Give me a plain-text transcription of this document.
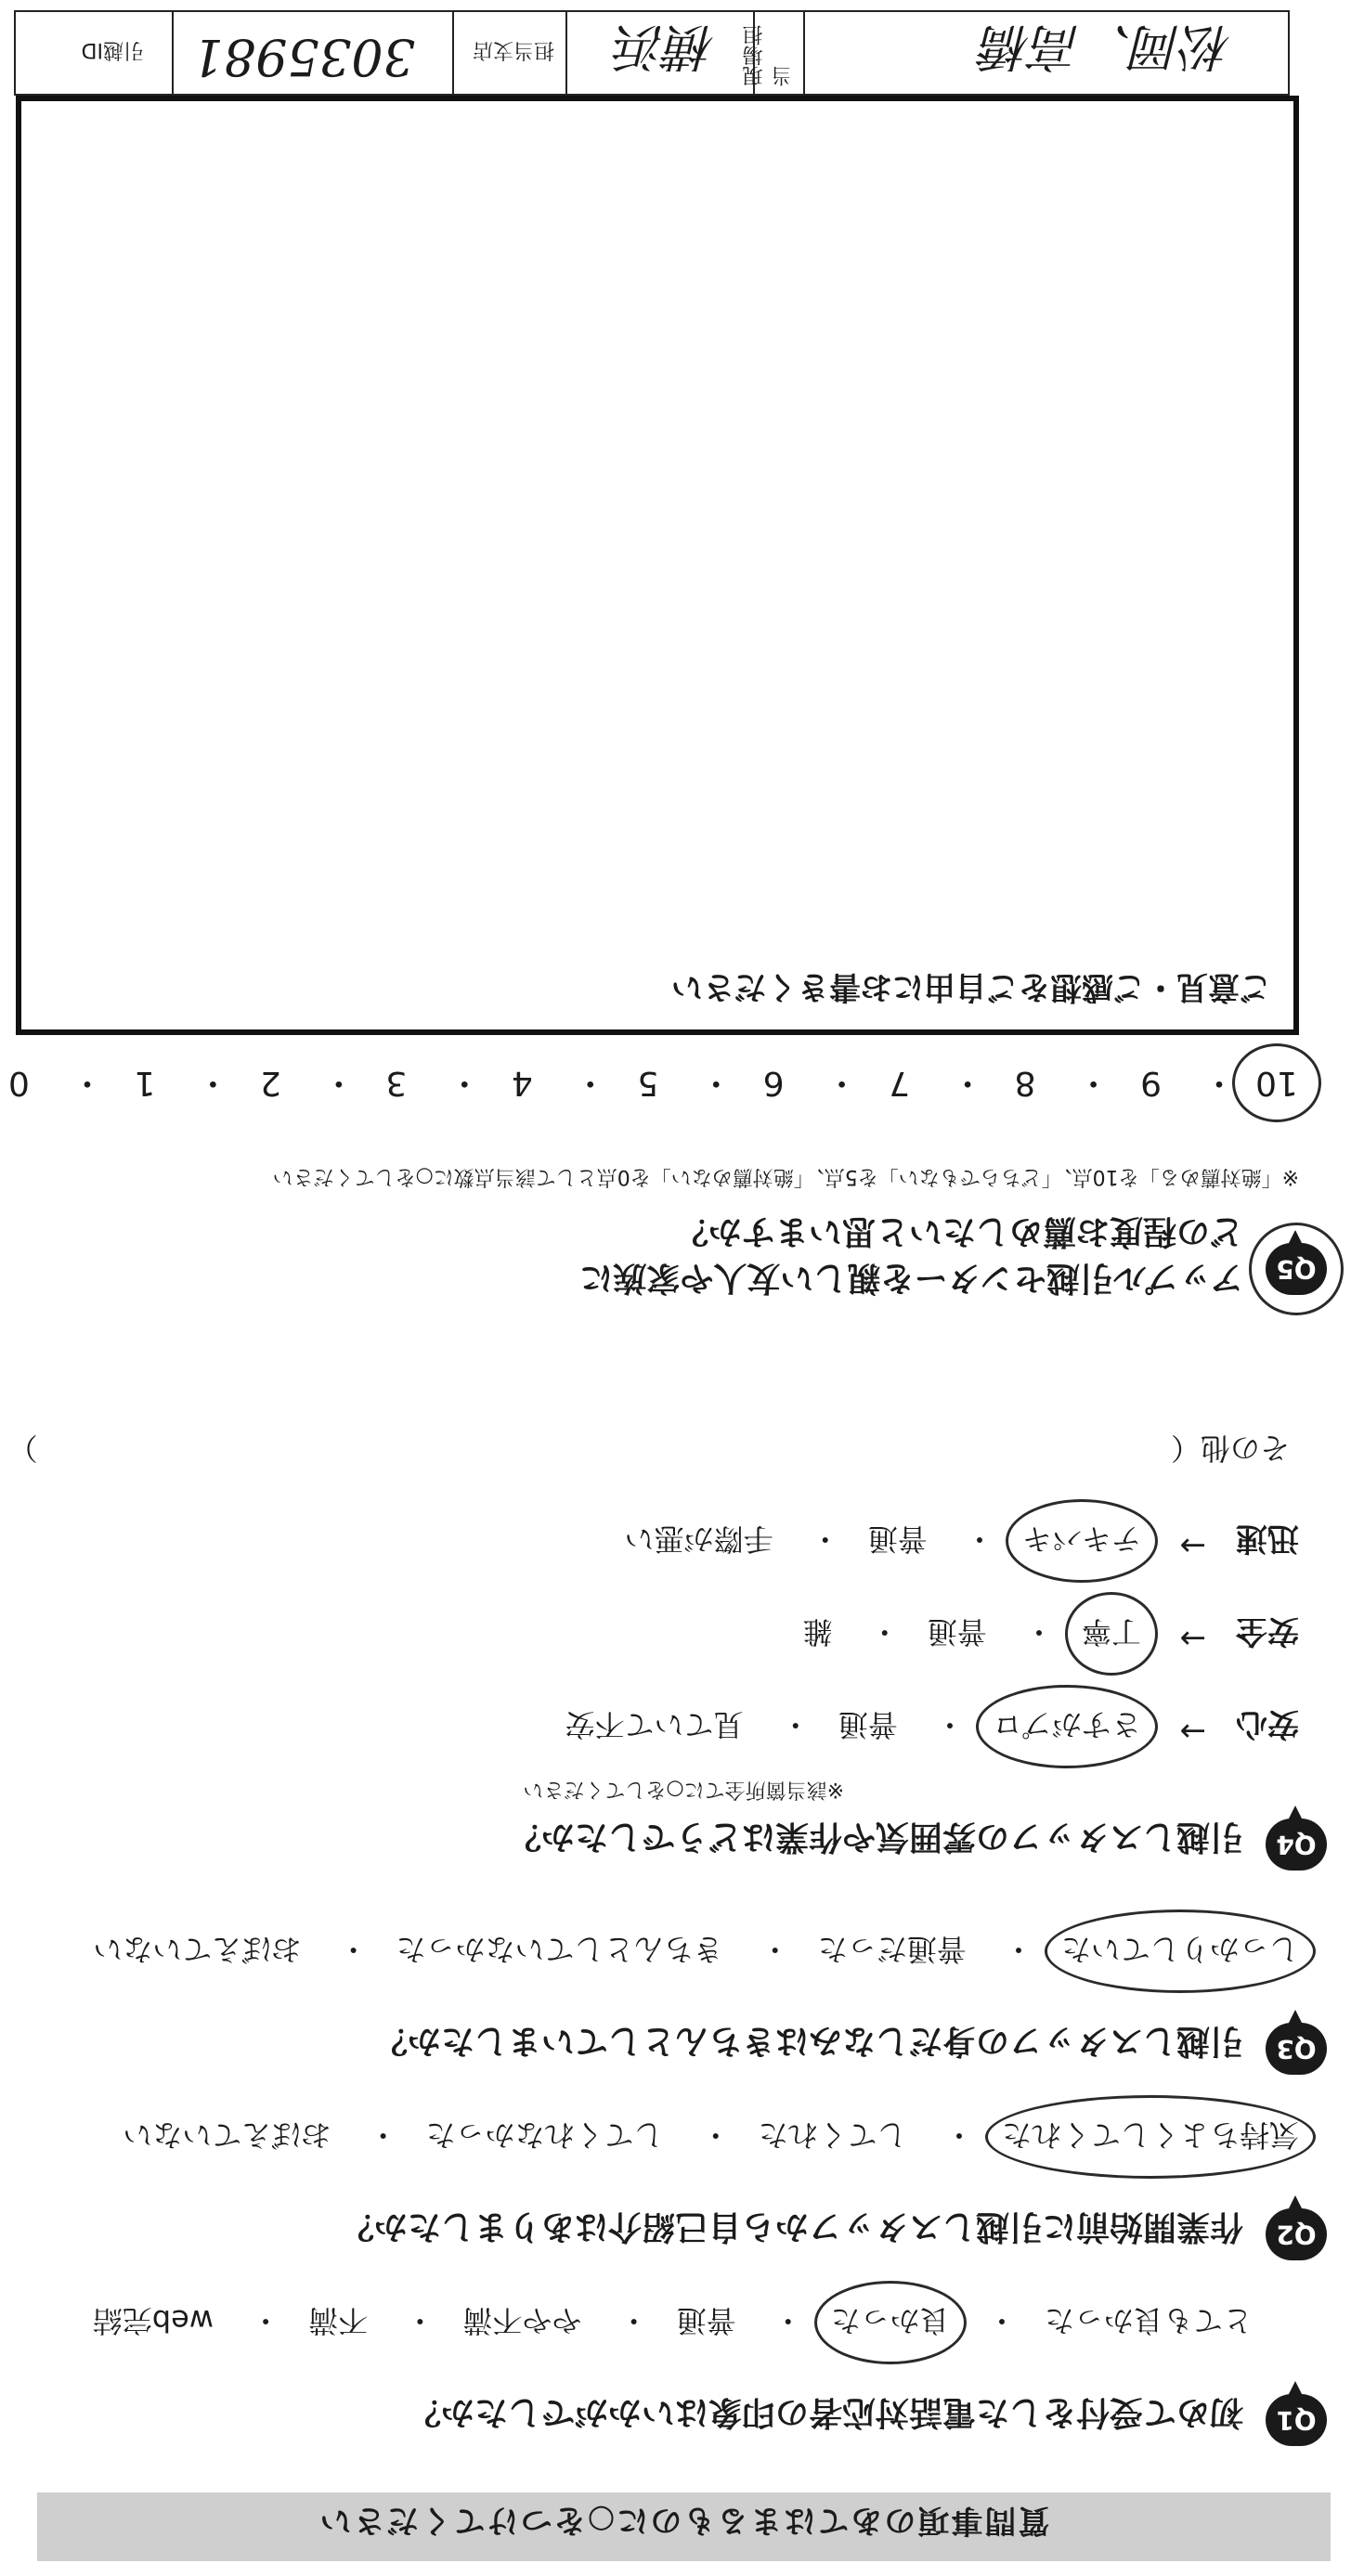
質問事項のあてはまるものに○をつけてください
Q1
初めて受付をした電話対応者の印象はいかがでしたか？
とても良かった・ 良かった・ 普通・ やや不満・ 不満・ web完結
Q2
作業開始前に引越しスタッフから自己紹介はありましたか？
気持ちよくしてくれた・ してくれた・ してくれなかった・ おぼえていない
Q3
引越しスタッフの身だしなみはきちんとしていましたか？
しっかりしていた・ 普通だった・ きちんとしていなかった・ おぼえていない
Q4
引越しスタッフの雰囲気や作業はどうでしたか？
※該当箇所全てに○をしてください
安心
→
さすがプロ・ 普通・ 見ていて不安
安全
→
丁寧・ 普通・ 雑
迅速
→
テキパキ・ 普通・ 手際が悪い
その他（  ）
Q5
アップル引越センターを親しい友人や家族に
どの程度お薦めしたいと思いますか？
※「絶対薦める」を10点、「どちらでもない」を5点、「絶対薦めない」を0点として該当点数に○をしてください
10・ 9・ 8・ 7・ 6・ 5・ 4・ 3・ 2・ 1・ 0
ご意見・ご感想をご自由にお書きください
松岡、高橋
現場担当
横浜
担当支店
3035981
引越ID
